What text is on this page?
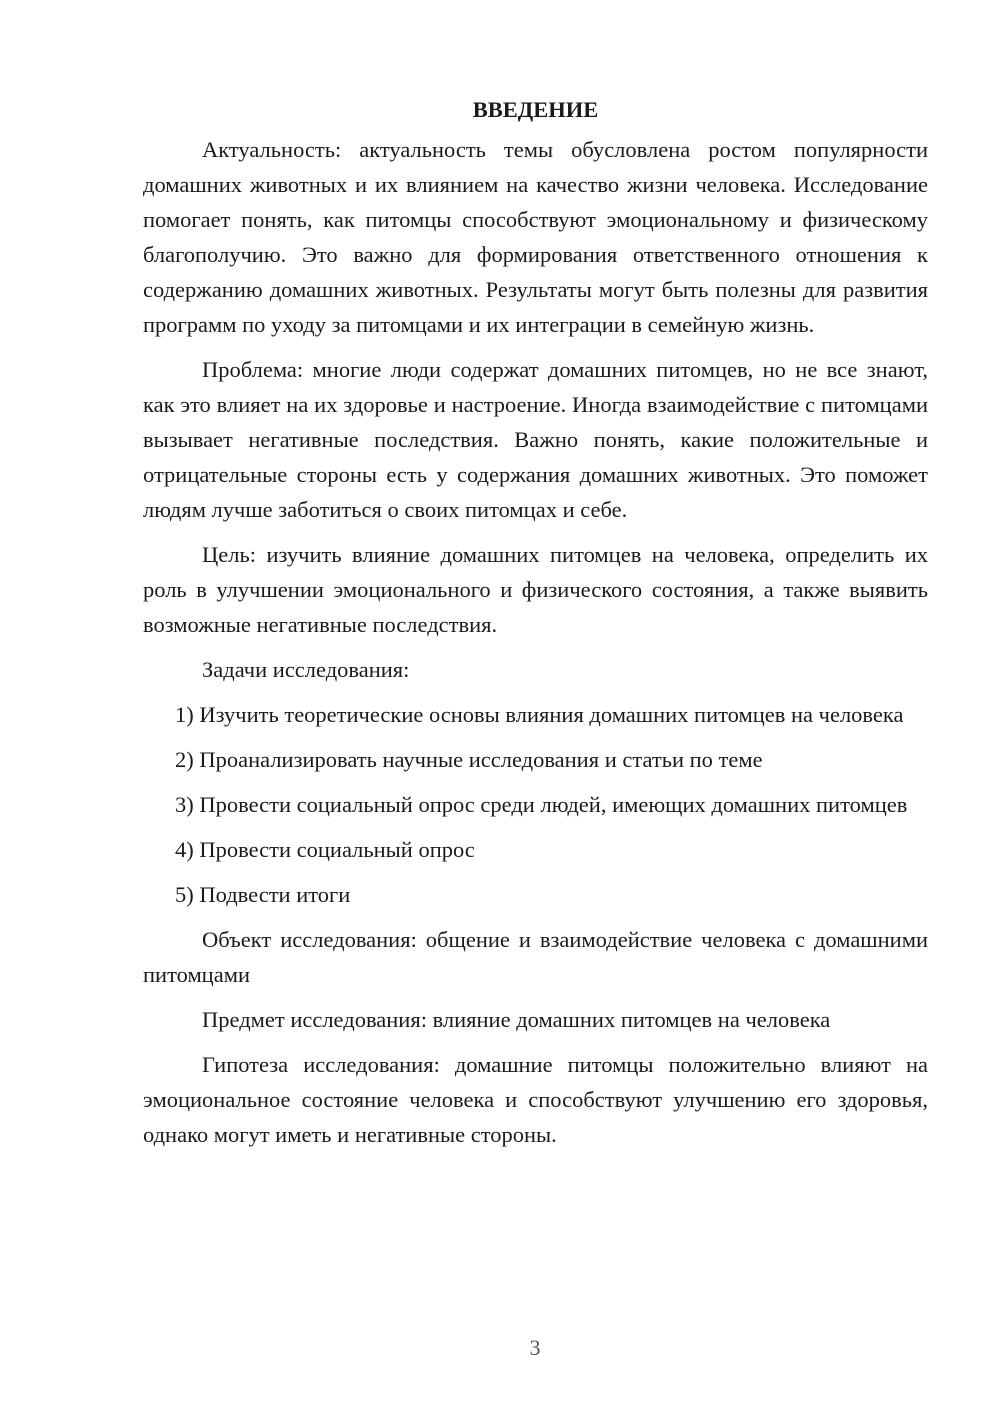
ВВЕДЕНИЕ

Актуальность: актуальность темы обусловлена ростом популярности домашних животных и их влиянием на качество жизни человека. Исследование помогает понять, как питомцы способствуют эмоциональному и физическому благополучию. Это важно для формирования ответственного отношения к содержанию домашних животных. Результаты могут быть полезны для развития программ по уходу за питомцами и их интеграции в семейную жизнь.

Проблема: многие люди содержат домашних питомцев, но не все знают, как это влияет на их здоровье и настроение. Иногда взаимодействие с питомцами вызывает негативные последствия. Важно понять, какие положительные и отрицательные стороны есть у содержания домашних животных. Это поможет людям лучше заботиться о своих питомцах и себе.

Цель: изучить влияние домашних питомцев на человека, определить их роль в улучшении эмоционального и физического состояния, а также выявить возможные негативные последствия.

Задачи исследования:

1) Изучить теоретические основы влияния домашних питомцев на человека

2) Проанализировать научные исследования и статьи по теме

3) Провести социальный опрос среди людей, имеющих домашних питомцев

4) Провести социальный опрос

5) Подвести итоги

Объект исследования: общение и взаимодействие человека с домашними питомцами

Предмет исследования: влияние домашних питомцев на человека

Гипотеза исследования: домашние питомцы положительно влияют на эмоциональное состояние человека и способствуют улучшению его здоровья, однако могут иметь и негативные стороны.

3
